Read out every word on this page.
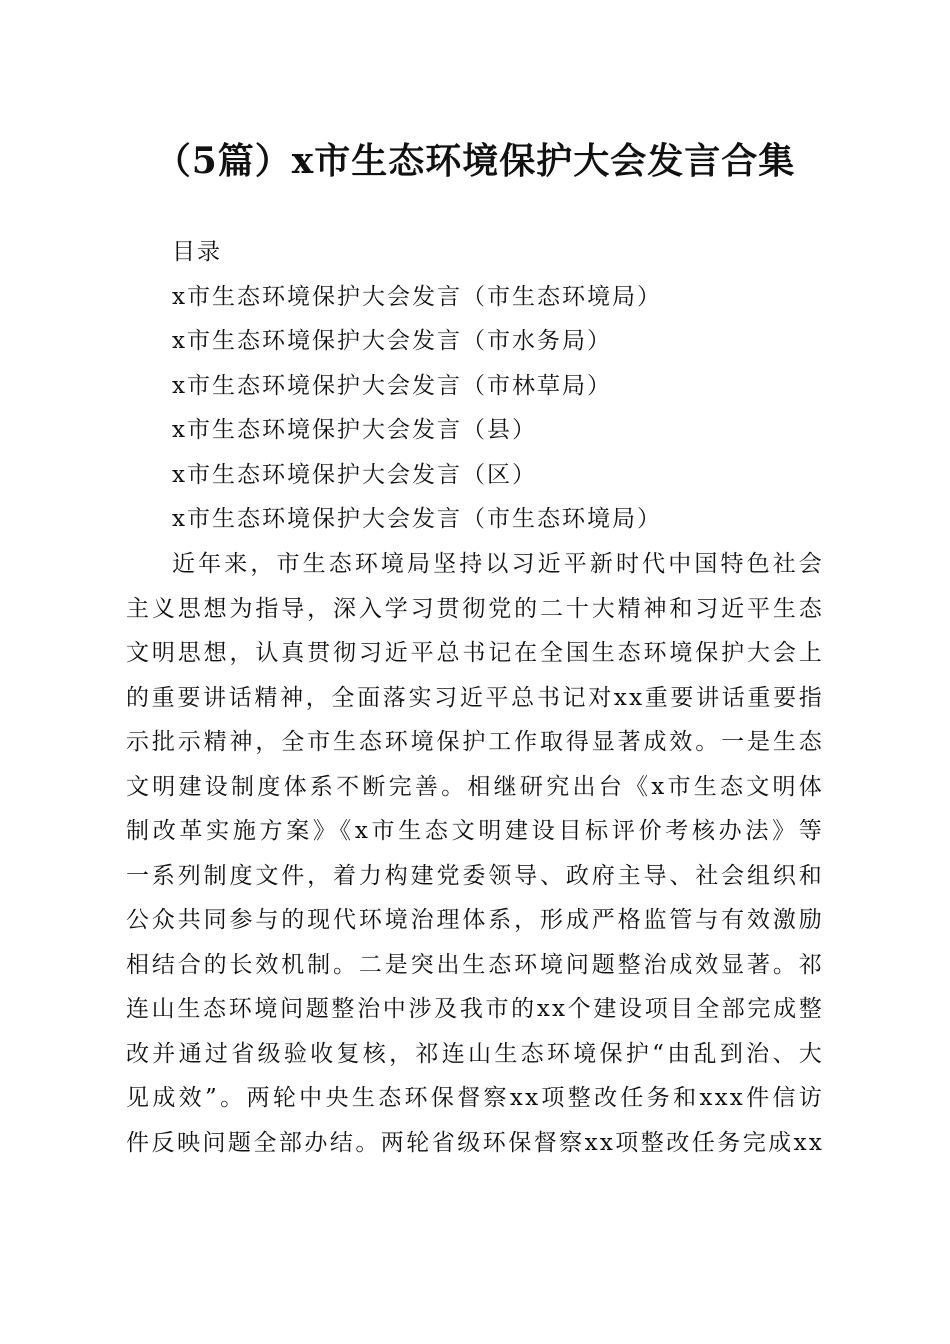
（5篇）x市生态环境保护大会发言合集
目录
x市生态环境保护大会发言（市生态环境局）
x市生态环境保护大会发言（市水务局）
x市生态环境保护大会发言（市林草局）
x市生态环境保护大会发言（县）
x市生态环境保护大会发言（区）
x市生态环境保护大会发言（市生态环境局）
近年来，市生态环境局坚持以习近平新时代中国特色社会
主义思想为指导，深入学习贯彻党的二十大精神和习近平生态
文明思想，认真贯彻习近平总书记在全国生态环境保护大会上
的重要讲话精神，全面落实习近平总书记对xx重要讲话重要指
示批示精神，全市生态环境保护工作取得显著成效。一是生态
文明建设制度体系不断完善。相继研究出台《x市生态文明体
制改革实施方案》《x市生态文明建设目标评价考核办法》等
一系列制度文件，着力构建党委领导、政府主导、社会组织和
公众共同参与的现代环境治理体系，形成严格监管与有效激励
相结合的长效机制。二是突出生态环境问题整治成效显著。祁
连山生态环境问题整治中涉及我市的xx个建设项目全部完成整
改并通过省级验收复核，祁连山生态环境保护“由乱到治、大
见成效”。两轮中央生态环保督察xx项整改任务和xxx件信访
件反映问题全部办结。两轮省级环保督察xx项整改任务完成xx
